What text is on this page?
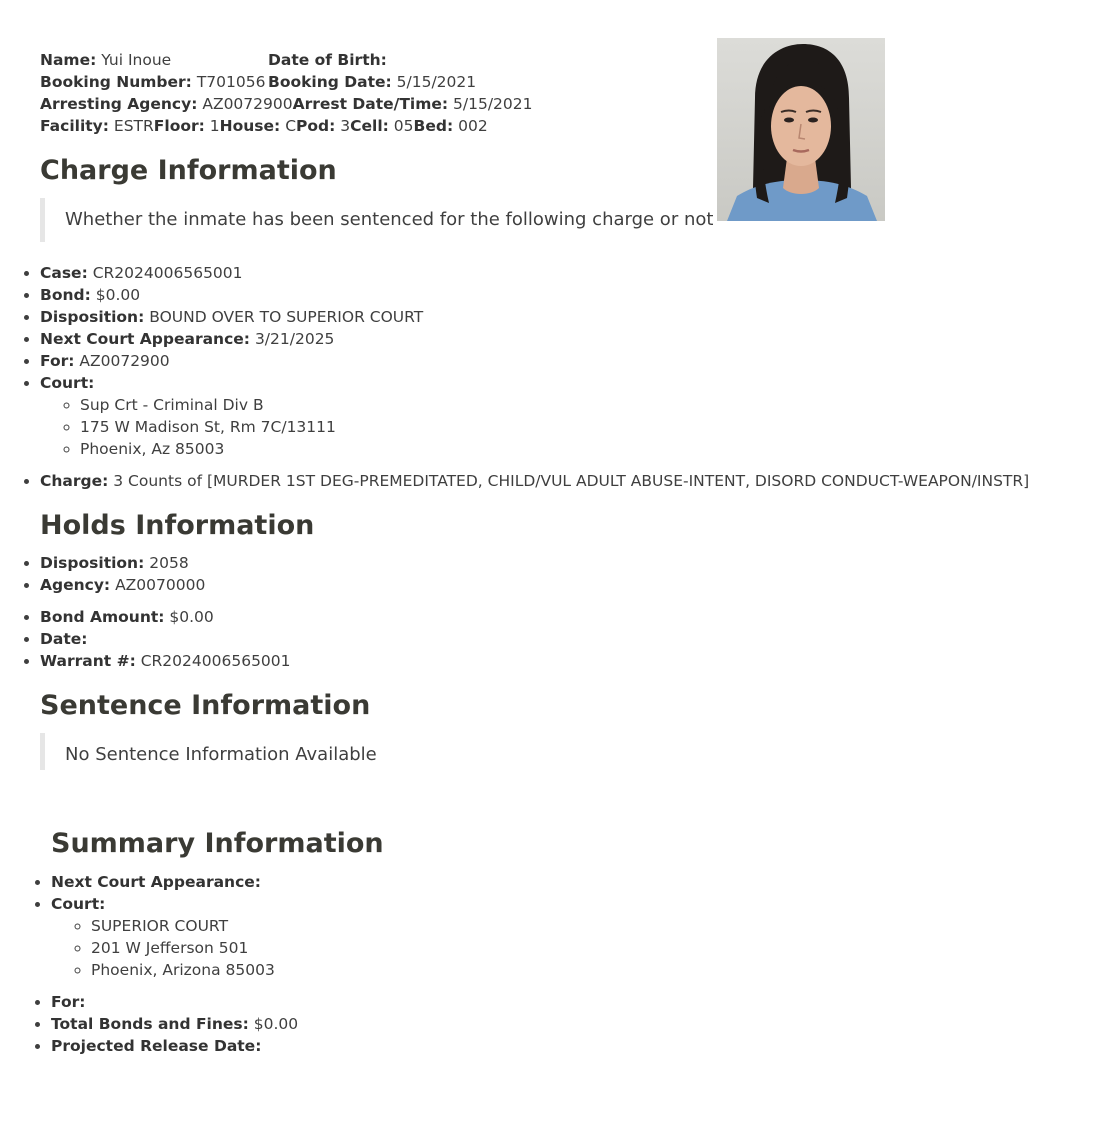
Name: Yui Inoue	Date of Birth:
Booking Number: T701056 Booking Date: 5/15/2021
Arresting Agency: AZ0072900Arrest Date/Time: 5/15/2021
Facility: ESTRFloor: 1House: CPod: 3Cell: 05Bed: 002
Charge Information
Whether the inmate has been sentenced for the following charge or not
• Case: CR2024006565001
• Bond: $0.00
• Disposition: BOUND OVER TO SUPERIOR COURT
• Next Court Appearance: 3/21/2025
• For: AZ0072900
• Court:
◦ Sup Crt - Criminal Div B
◦ 175 W Madison St, Rm 7C/13111
◦ Phoenix, Az 85003
• Charge: 3 Counts of [MURDER 1ST DEG-PREMEDITATED, CHILD/VUL ADULT ABUSE-INTENT, DISORD CONDUCT-WEAPON/INSTR]
Holds Information
• Disposition: 2058
• Agency: AZ0070000
• Bond Amount: $0.00
• Date:
• Warrant #: CR2024006565001
Sentence Information
No Sentence Information Available
Summary Information
• Next Court Appearance:
• Court:
◦ SUPERIOR COURT
◦ 201 W Jefferson 501
◦ Phoenix, Arizona 85003
• For:
• Total Bonds and Fines: $0.00
• Projected Release Date:
